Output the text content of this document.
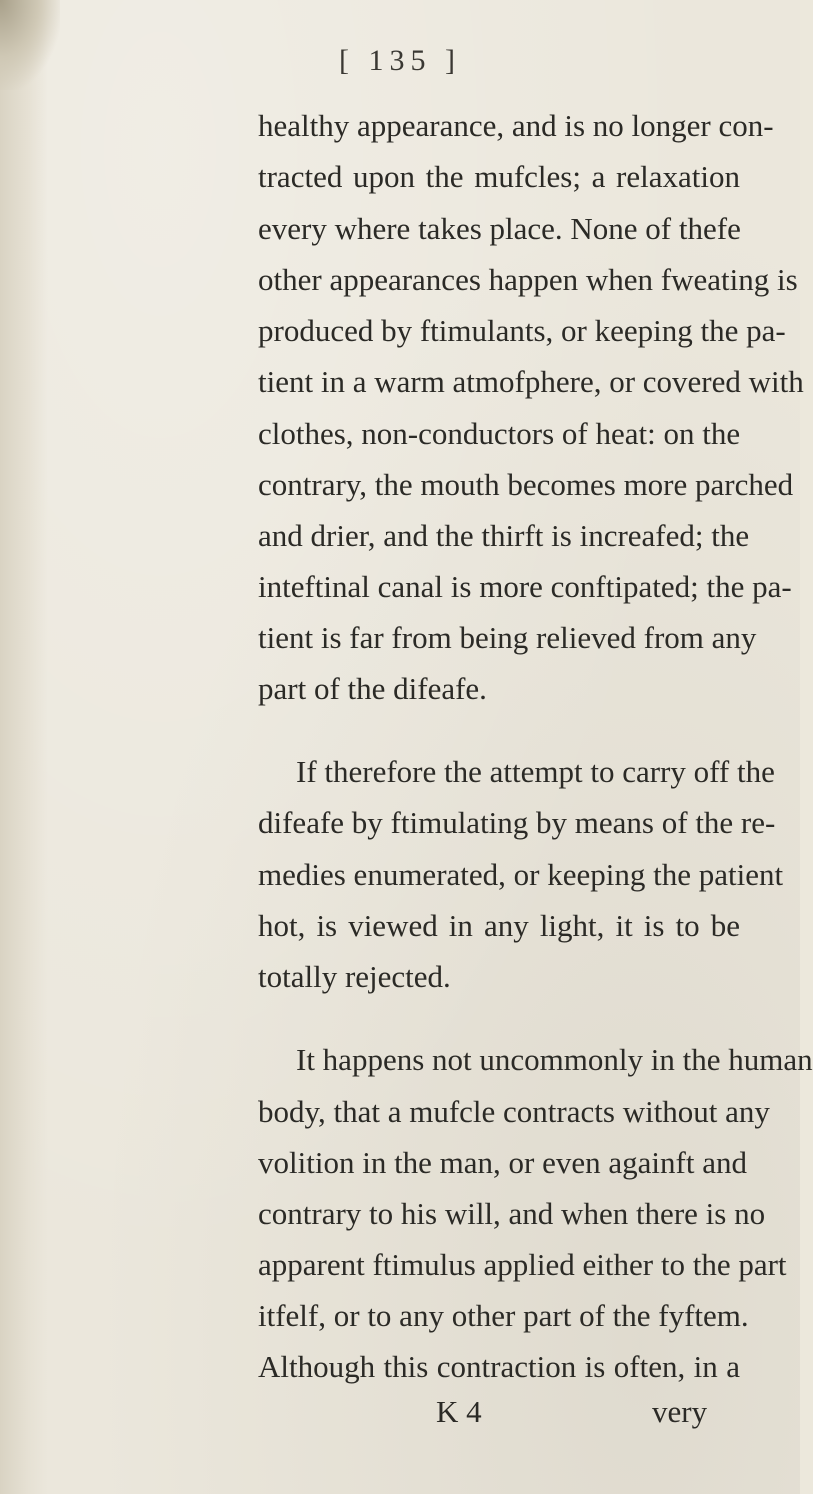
[ 135 ]
healthy appearance, and is no longer con-
tracted upon the mufcles; a relaxation
every where takes place. None of thefe
other appearances happen when fweating is
produced by ftimulants, or keeping the pa-
tient in a warm atmofphere, or covered with
clothes, non-conductors of heat: on the
contrary, the mouth becomes more parched
and drier, and the thirft is increafed; the
inteftinal canal is more conftipated; the pa-
tient is far from being relieved from any
part of the difeafe.
If therefore the attempt to carry off the
difeafe by ftimulating by means of the re-
medies enumerated, or keeping the patient
hot, is viewed in any light, it is to be
totally rejected.
It happens not uncommonly in the human
body, that a mufcle contracts without any
volition in the man, or even againft and
contrary to his will, and when there is no
apparent ftimulus applied either to the part
itfelf, or to any other part of the fyftem.
Although this contraction is often, in a
K 4	very
